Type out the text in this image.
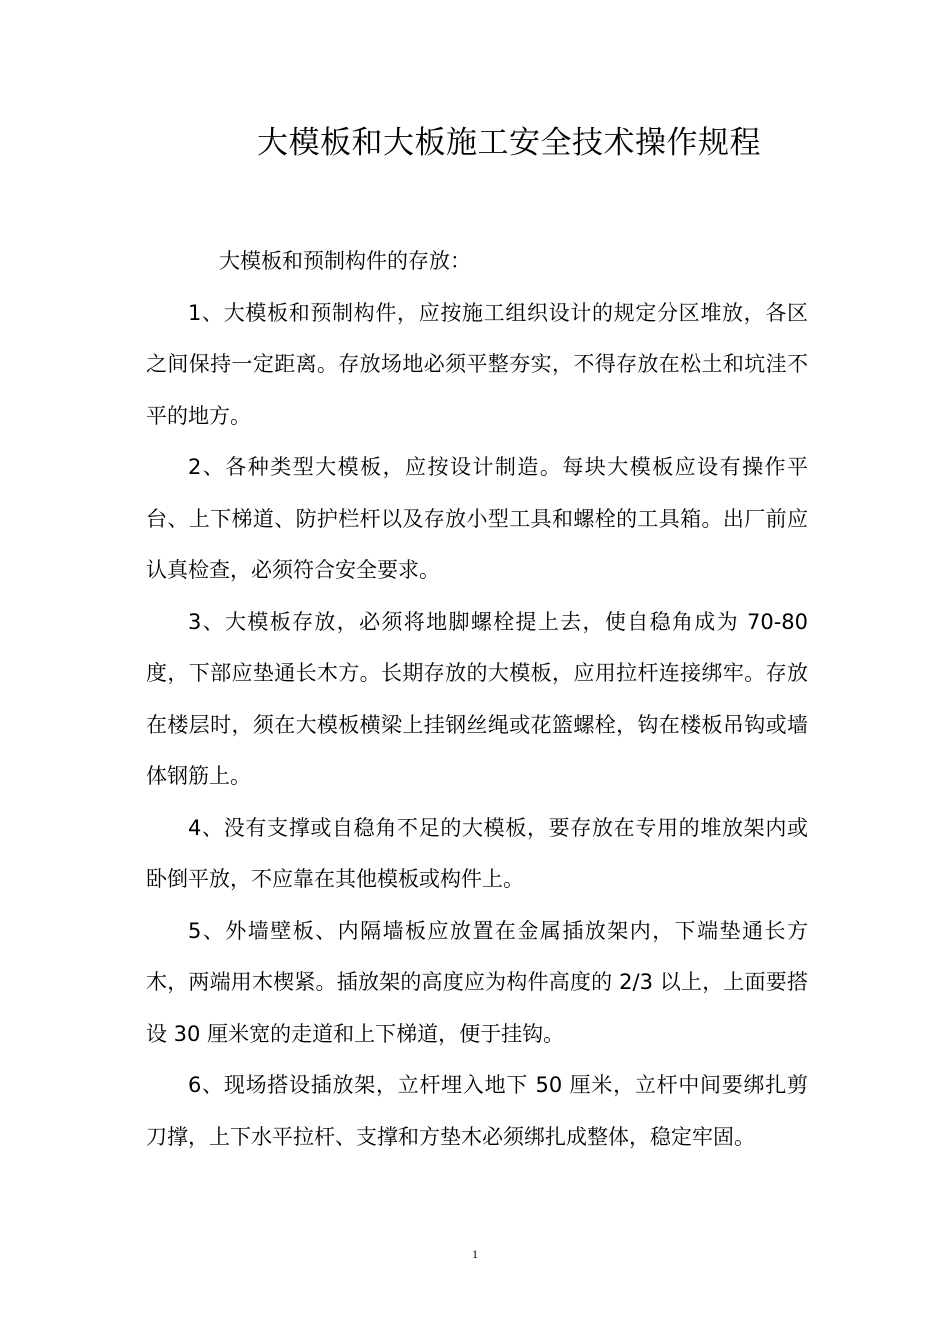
大模板和大板施工安全技术操作规程

大模板和预制构件的存放：

1、大模板和预制构件，应按施工组织设计的规定分区堆放，各区之间保持一定距离。存放场地必须平整夯实，不得存放在松土和坑洼不平的地方。

2、各种类型大模板，应按设计制造。每块大模板应设有操作平台、上下梯道、防护栏杆以及存放小型工具和螺栓的工具箱。出厂前应认真检查，必须符合安全要求。

3、大模板存放，必须将地脚螺栓提上去，使自稳角成为 70-80 度，下部应垫通长木方。长期存放的大模板，应用拉杆连接绑牢。存放在楼层时，须在大模板横梁上挂钢丝绳或花篮螺栓，钩在楼板吊钩或墙体钢筋上。

4、没有支撑或自稳角不足的大模板，要存放在专用的堆放架内或卧倒平放，不应靠在其他模板或构件上。

5、外墙壁板、内隔墙板应放置在金属插放架内，下端垫通长方木，两端用木楔紧。插放架的高度应为构件高度的 2/3 以上，上面要搭设 30 厘米宽的走道和上下梯道，便于挂钩。

6、现场搭设插放架，立杆埋入地下 50 厘米，立杆中间要绑扎剪刀撑，上下水平拉杆、支撑和方垫木必须绑扎成整体，稳定牢固。

1
